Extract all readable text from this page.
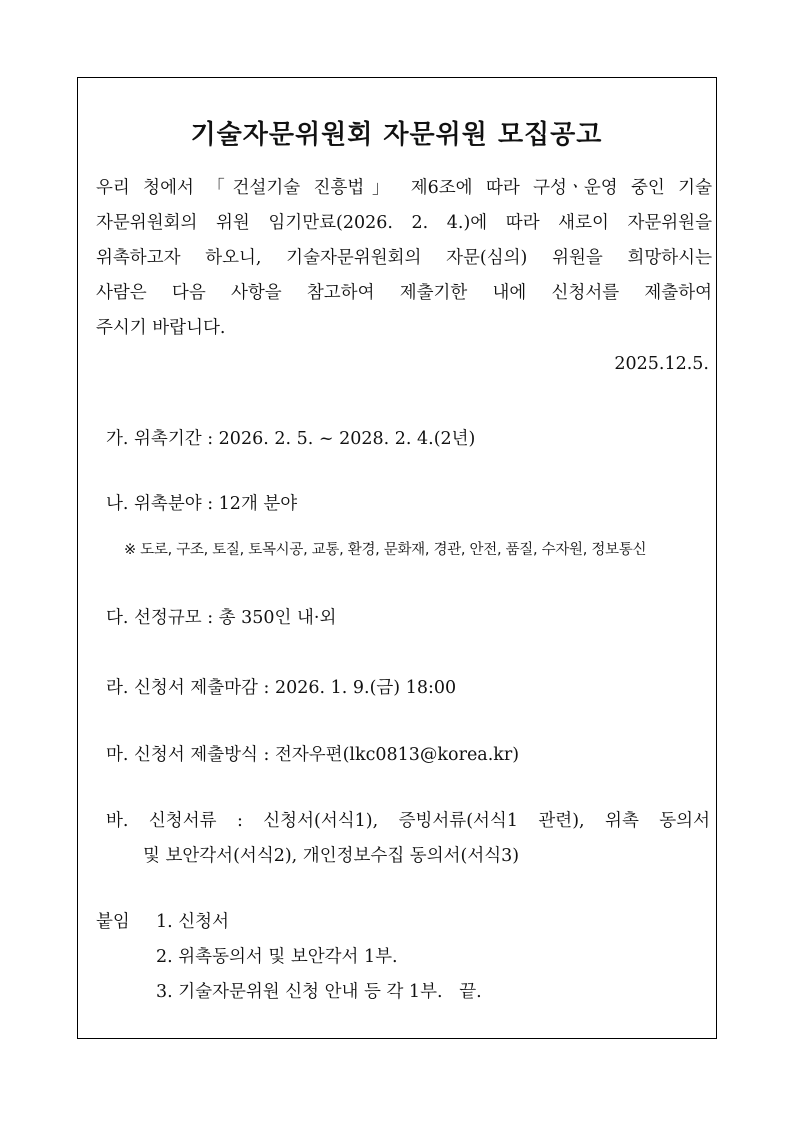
기술자문위원회 자문위원 모집공고
우리 청에서 「건설기술 진흥법」 제6조에 따라 구성ㆍ운영 중인 기술
자문위원회의 위원 임기만료(2026. 2. 4.)에 따라 새로이 자문위원을
위촉하고자 하오니, 기술자문위원회의 자문(심의) 위원을 희망하시는
사람은 다음 사항을 참고하여 제출기한 내에 신청서를 제출하여
주시기 바랍니다.
2025.12.5.
가. 위촉기간 : 2026. 2. 5. ~ 2028. 2. 4.(2년)
나. 위촉분야 : 12개 분야
※ 도로, 구조, 토질, 토목시공, 교통, 환경, 문화재, 경관, 안전, 품질, 수자원, 정보통신
다. 선정규모 : 총 350인 내·외
라. 신청서 제출마감 : 2026. 1. 9.(금) 18:00
마. 신청서 제출방식 : 전자우편(lkc0813@korea.kr)
바. 신청서류 : 신청서(서식1), 증빙서류(서식1 관련), 위촉 동의서
및 보안각서(서식2), 개인정보수집 동의서(서식3)
붙임 1. 신청서
2. 위촉동의서 및 보안각서 1부.
3. 기술자문위원 신청 안내 등 각 1부.   끝.
